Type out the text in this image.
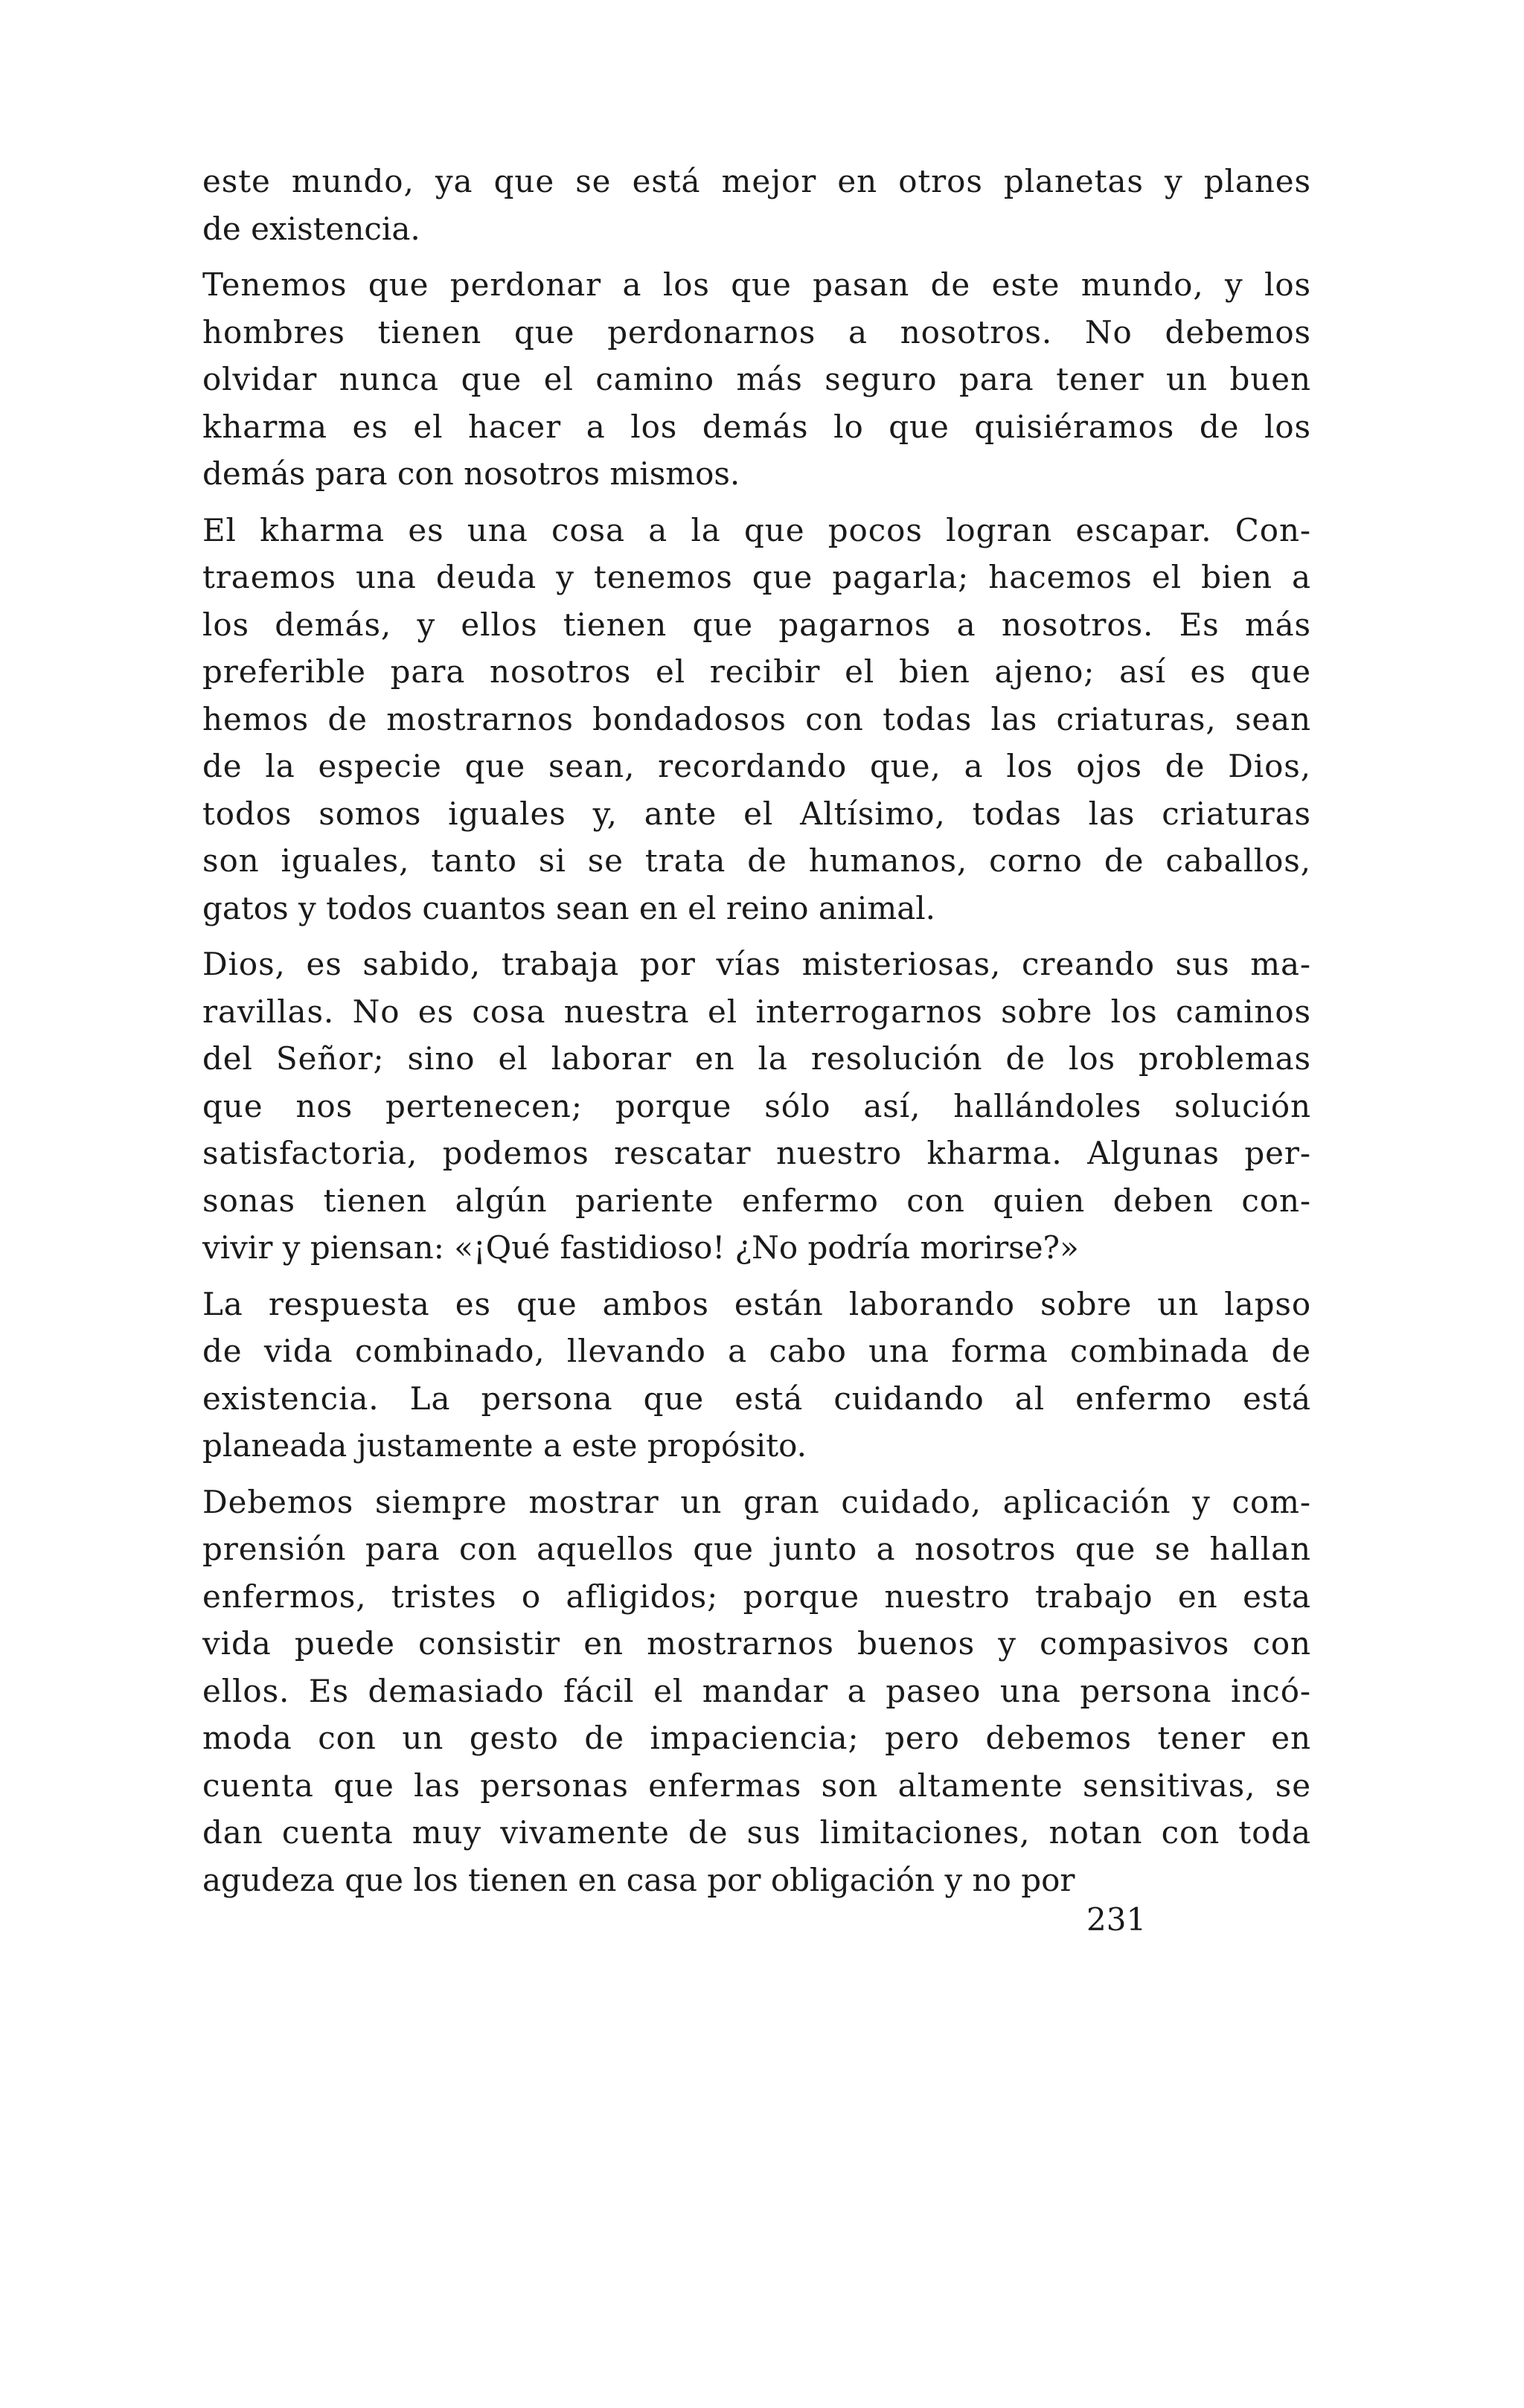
este mundo, ya que se está mejor en otros planetas y planes
de existencia.
Tenemos que perdonar a los que pasan de este mundo, y los
hombres tienen que perdonarnos a nosotros. No debemos
olvidar nunca que el camino más seguro para tener un buen
kharma es el hacer a los demás lo que quisiéramos de los
demás para con nosotros mismos.
El kharma es una cosa a la que pocos logran escapar. Con-
traemos una deuda y tenemos que pagarla; hacemos el bien a
los demás, y ellos tienen que pagarnos a nosotros. Es más
preferible para nosotros el recibir el bien ajeno; así es que
hemos de mostrarnos bondadosos con todas las criaturas, sean
de la especie que sean, recordando que, a los ojos de Dios,
todos somos iguales y, ante el Altísimo, todas las criaturas
son iguales, tanto si se trata de humanos, corno de caballos,
gatos y todos cuantos sean en el reino animal.
Dios, es sabido, trabaja por vías misteriosas, creando sus ma-
ravillas. No es cosa nuestra el interrogarnos sobre los caminos
del Señor; sino el laborar en la resolución de los problemas
que nos pertenecen; porque sólo así, hallándoles solución
satisfactoria, podemos rescatar nuestro kharma. Algunas per-
sonas tienen algún pariente enfermo con quien deben con-
vivir y piensan: «¡Qué fastidioso! ¿No podría morirse?»
La respuesta es que ambos están laborando sobre un lapso
de vida combinado, llevando a cabo una forma combinada de
existencia. La persona que está cuidando al enfermo está
planeada justamente a este propósito.
Debemos siempre mostrar un gran cuidado, aplicación y com-
prensión para con aquellos que junto a nosotros que se hallan
enfermos, tristes o afligidos; porque nuestro trabajo en esta
vida puede consistir en mostrarnos buenos y compasivos con
ellos. Es demasiado fácil el mandar a paseo una persona incó-
moda con un gesto de impaciencia; pero debemos tener en
cuenta que las personas enfermas son altamente sensitivas, se
dan cuenta muy vivamente de sus limitaciones, notan con toda
agudeza que los tienen en casa por obligación y no por
231
